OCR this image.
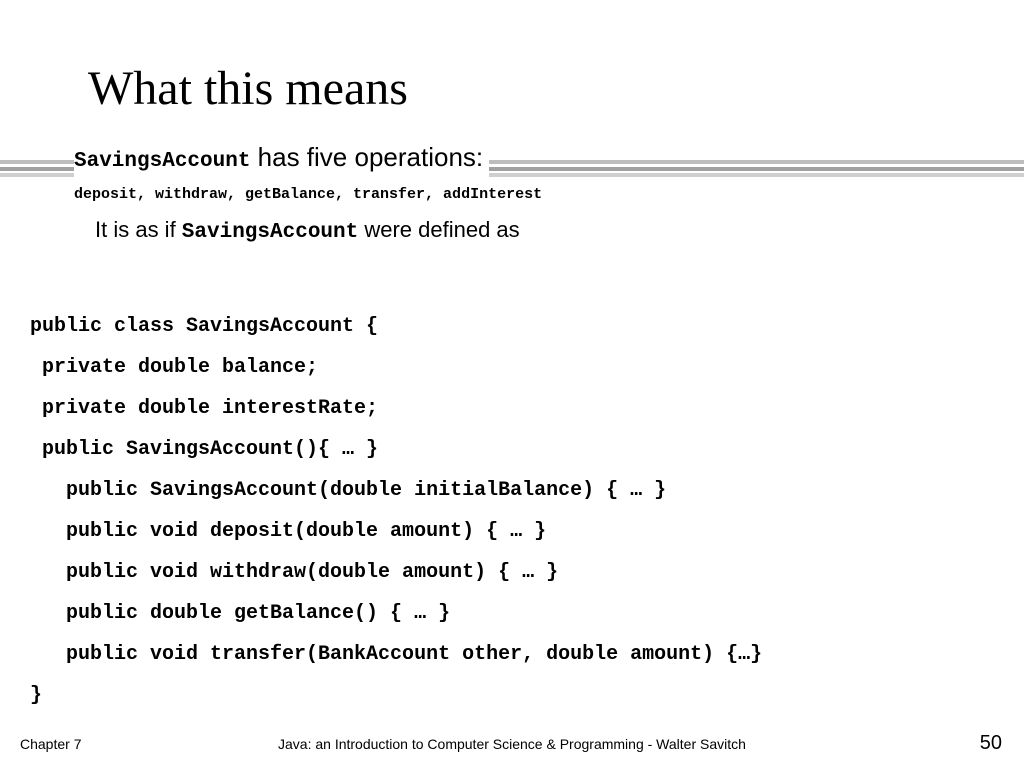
What this means
SavingsAccount has five operations:
deposit, withdraw, getBalance, transfer, addInterest
It is as if SavingsAccount were defined as
public class SavingsAccount {
private double balance;
private double interestRate;
public SavingsAccount(){ … }
public SavingsAccount(double initialBalance) { … }
public void deposit(double amount) { … }
public void withdraw(double amount) { … }
public double getBalance() { … }
public void transfer(BankAccount other, double amount) {…}
}
Chapter 7	Java: an Introduction to Computer Science & Programming - Walter Savitch	50
